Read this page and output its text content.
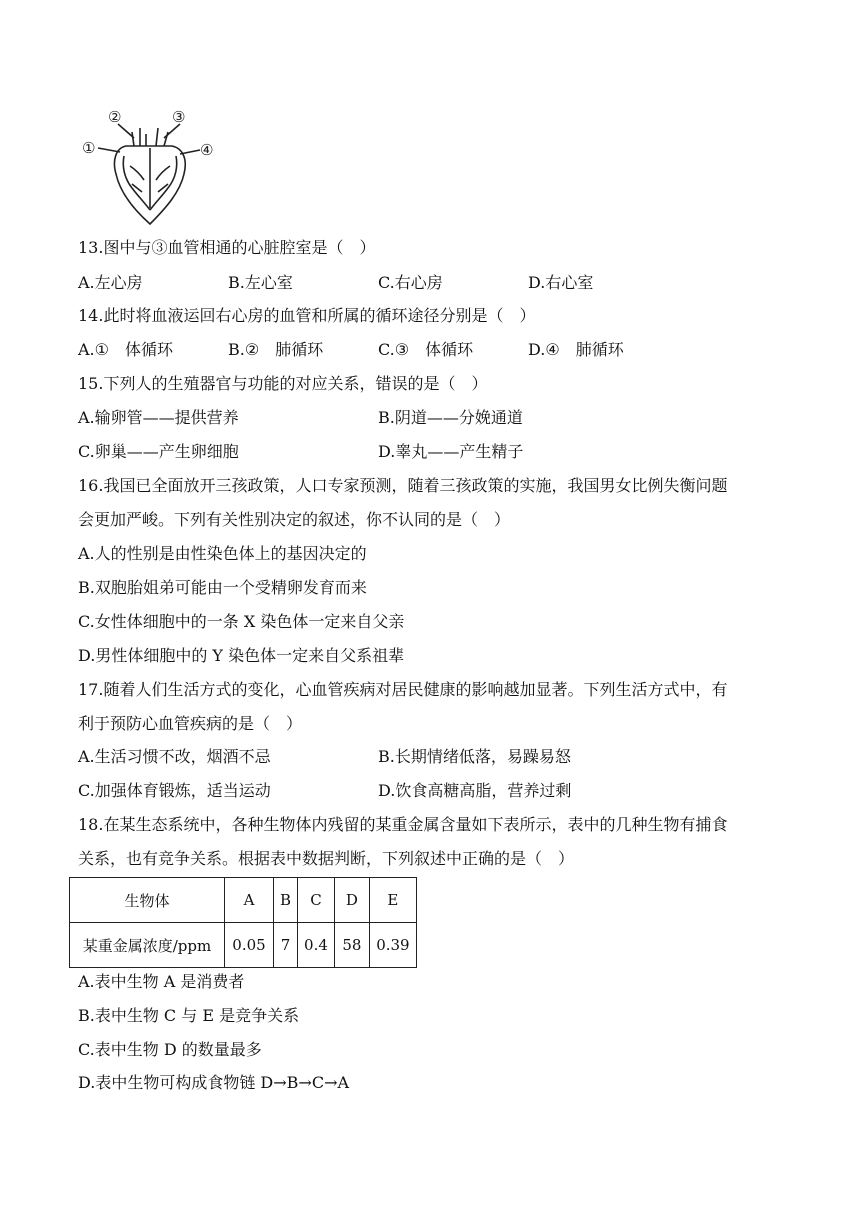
①
②	③
④
13.图中与③血管相通的心脏腔室是（　）
A.左心房	B.左心室	C.右心房	D.右心室
14.此时将血液运回右心房的血管和所属的循环途径分别是（　）
A.①　体循环	B.②　肺循环	C.③　体循环	D.④　肺循环
15.下列人的生殖器官与功能的对应关系，错误的是（　）
A.输卵管——提供营养	B.阴道——分娩通道
C.卵巢——产生卵细胞	D.睾丸——产生精子
16.我国已全面放开三孩政策，人口专家预测，随着三孩政策的实施，我国男女比例失衡问题
会更加严峻。下列有关性别决定的叙述，你不认同的是（　）
A.人的性别是由性染色体上的基因决定的
B.双胞胎姐弟可能由一个受精卵发育而来
C.女性体细胞中的一条 X 染色体一定来自父亲
D.男性体细胞中的 Y 染色体一定来自父系祖辈
17.随着人们生活方式的变化，心血管疾病对居民健康的影响越加显著。下列生活方式中，有
利于预防心血管疾病的是（　）
A.生活习惯不改，烟酒不忌	B.长期情绪低落，易躁易怒
C.加强体育锻炼，适当运动	D.饮食高糖高脂，营养过剩
18.在某生态系统中，各种生物体内残留的某重金属含量如下表所示，表中的几种生物有捕食
关系，也有竞争关系。根据表中数据判断，下列叙述中正确的是（　）
生物体	A	B	C	D	E
某重金属浓度/ppm	0.05	7	0.4	58	0.39
A.表中生物 A 是消费者
B.表中生物 C 与 E 是竞争关系
C.表中生物 D 的数量最多
D.表中生物可构成食物链 D→B→C→A
